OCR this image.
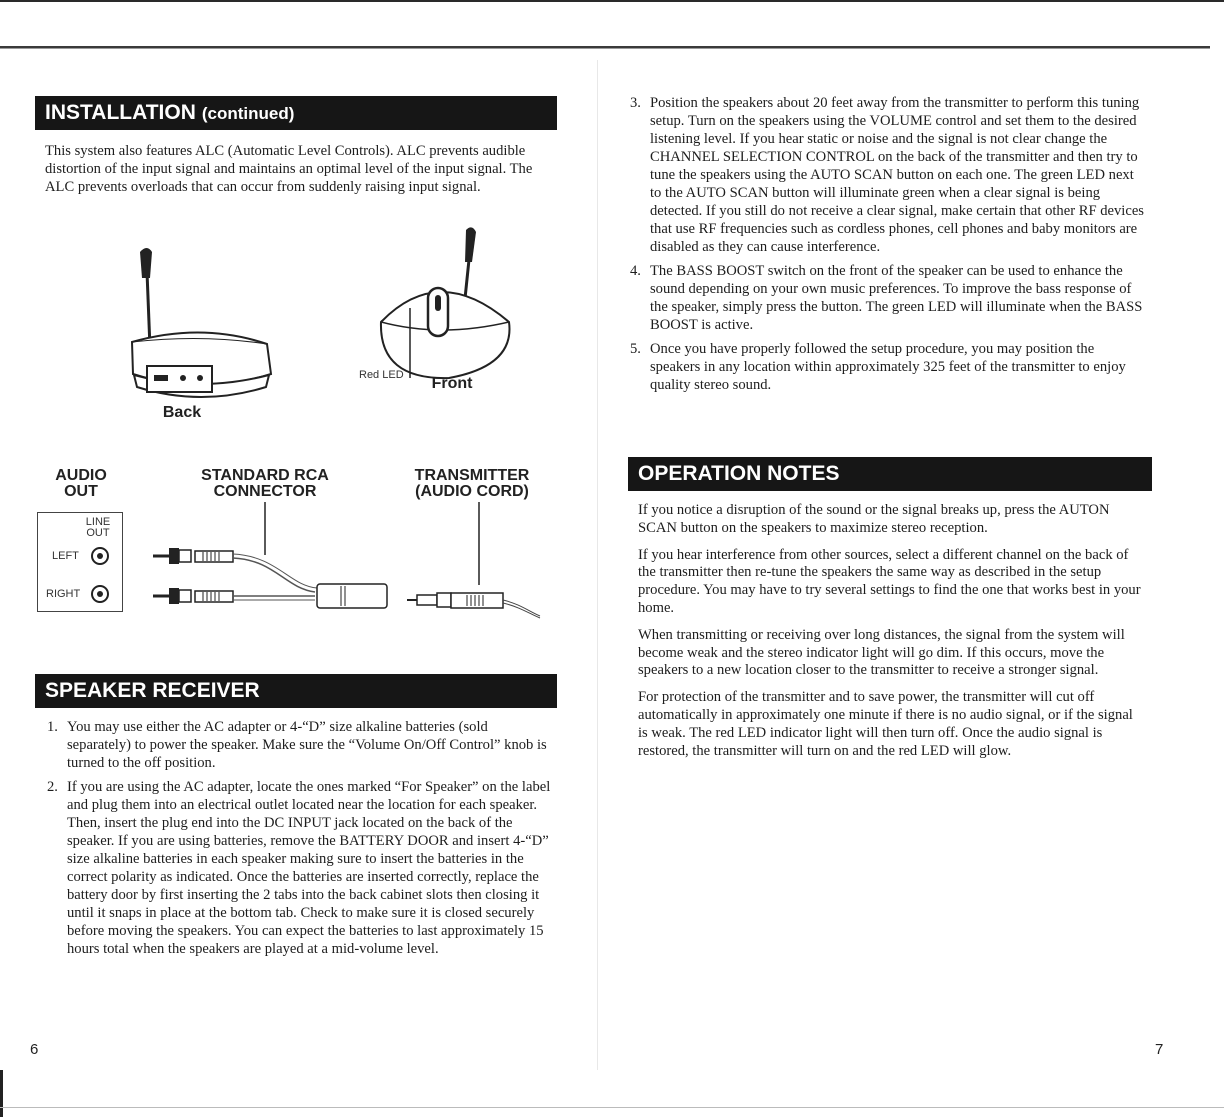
INSTALLATION (continued)

This system also features ALC (Automatic Level Controls). ALC prevents audible distortion of the input signal and maintains an optimal level of the input signal. The ALC prevents overloads that can occur from suddenly raising input signal.

Back
Front
Red LED
AUDIO OUT
STANDARD RCA CONNECTOR
TRANSMITTER (AUDIO CORD)
LINE OUT
LEFT
RIGHT
SPEAKER RECEIVER
1. You may use either the AC adapter or 4-“D” size alkaline batteries (sold separately) to power the speaker. Make sure the “Volume On/Off Control” knob is turned to the off position.
2. If you are using the AC adapter, locate the ones marked “For Speaker” on the label and plug them into an electrical outlet located near the location for each speaker. Then, insert the plug end into the DC INPUT jack located on the back of the speaker. If you are using batteries, remove the BATTERY DOOR and insert 4-“D” size alkaline batteries in each speaker making sure to insert the batteries in the correct polarity as indicated. Once the batteries are inserted correctly, replace the battery door by first inserting the 2 tabs into the back cabinet slots then closing it until it snaps in place at the bottom tab. Check to make sure it is closed securely before moving the speakers. You can expect the batteries to last approximately 15 hours total when the speakers are played at a mid-volume level.
6
3. Position the speakers about 20 feet away from the transmitter to perform this tuning setup. Turn on the speakers using the VOLUME control and set them to the desired listening level. If you hear static or noise and the signal is not clear change the CHANNEL SELECTION CONTROL on the back of the transmitter and then try to tune the speakers using the AUTO SCAN button on each one. The green LED next to the AUTO SCAN button will illuminate green when a clear signal is being detected. If you still do not receive a clear signal, make certain that other RF devices that use RF frequencies such as cordless phones, cell phones and baby monitors are disabled as they can cause interference.
4. The BASS BOOST switch on the front of the speaker can be used to enhance the sound depending on your own music preferences. To improve the bass response of the speaker, simply press the button. The green LED will illuminate when the BASS BOOST is active.
5. Once you have properly followed the setup procedure, you may position the speakers in any location within approximately 325 feet of the transmitter to enjoy quality stereo sound.
OPERATION NOTES

If you notice a disruption of the sound or the signal breaks up, press the AUTON SCAN button on the speakers to maximize stereo reception.

If you hear interference from other sources, select a different channel on the back of the transmitter then re-tune the speakers the same way as described in the setup procedure. You may have to try several settings to find the one that works best in your home.

When transmitting or receiving over long distances, the signal from the system will become weak and the stereo indicator light will go dim. If this occurs, move the speakers to a new location closer to the transmitter to receive a stronger signal.

For protection of the transmitter and to save power, the transmitter will cut off automatically in approximately one minute if there is no audio signal, or if the signal is weak. The red LED indicator light will then turn off. Once the audio signal is restored, the transmitter will turn on and the red LED will glow.

7
